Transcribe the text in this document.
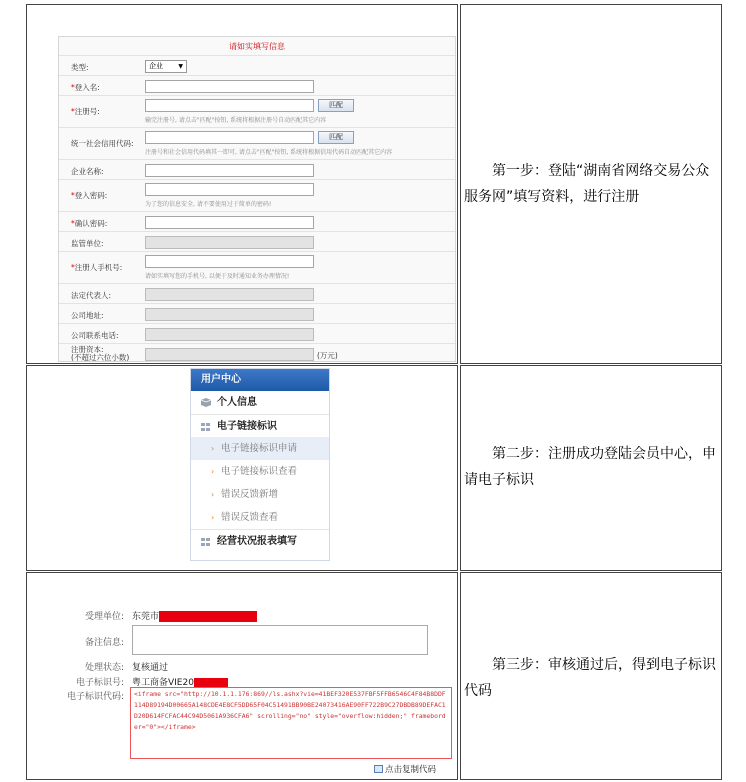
请如实填写信息
类型:	企业	▼
*登入名:
*注册号:
匹配
输完注册号, 请点击"匹配"按钮, 系统将根据注册号自动匹配其它内容
统一社会信用代码:
匹配
注册号和社会信用代码填其一即可, 请点击"匹配"按钮, 系统将根据信用代码自动匹配其它内容
企业名称:
*登入密码:
为了您的信息安全, 请不要使用过于简单的密码!
*确认密码:
监管单位:
*注册人手机号:
请如实填写您的手机号, 以便于及时通知业务办理情况!
法定代表人:
公司地址:
公司联系电话:
注册资本:
(不超过六位小数)	(万元)
第一步：登陆“湖南省网络交易公众服务网”填写资料，进行注册
用户中心
个人信息
电子链接标识
› 电子链接标识申请
› 电子链接标识查看
› 错误反馈新增
› 错误反馈查看
经营状况报表填写
第二步：注册成功登陆会员中心，申请电子标识
受理单位: 东莞市
备注信息:
处理状态: 复核通过
电子标识号: 粤工商备VIE20
电子标识代码:	<iframe src="http://10.1.1.176:869//ls.ashx?vie=41BEF320E537FBF5FFB6546C4F84B8DDF114D89194D00665A148CDE4E8CF5DD65F04C51491BB90BE24073416AE90FF722B9C27DBDB89DEFAC1D20D614FCFAC44C94D5061A936CFA6" scrolling="no" style="overflow:hidden;" frameborder="0"></iframe>
点击复制代码
第三步：审核通过后，得到电子标识代码
